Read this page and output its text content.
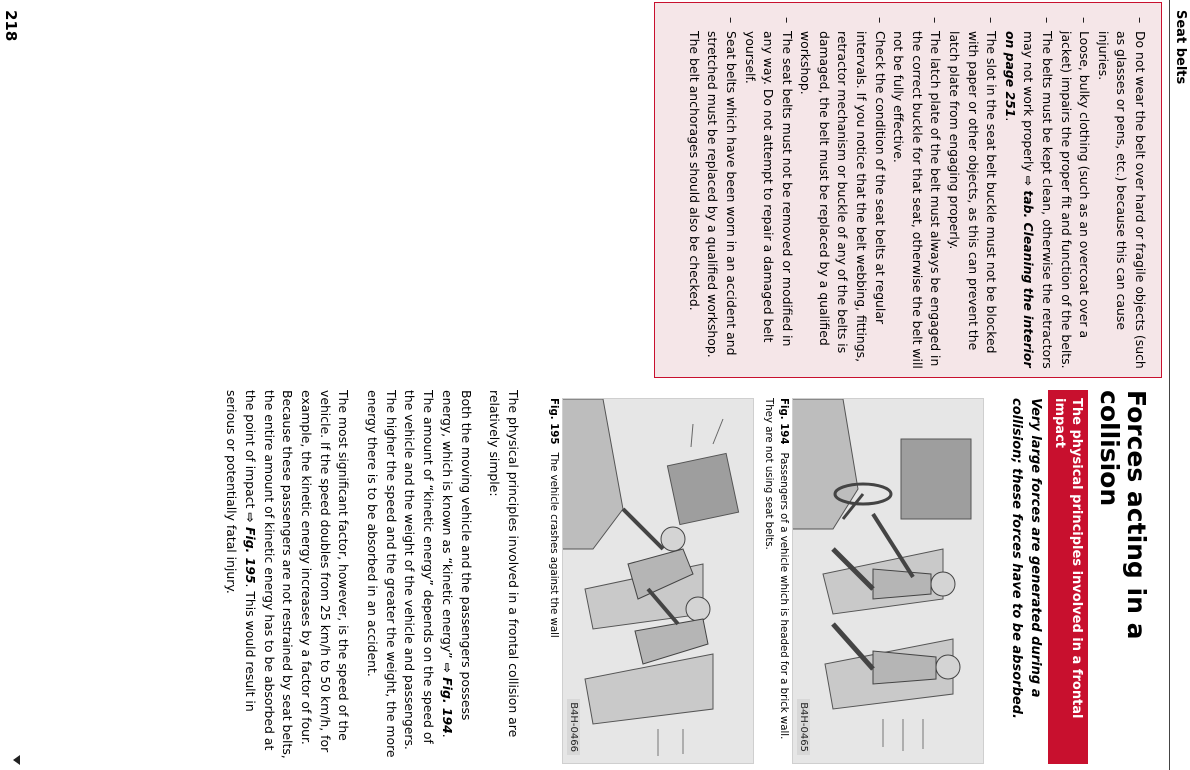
Seat belts
–
Do not wear the belt over hard or fragile objects (such as glasses or pens, etc.) because this can cause injuries.
–
Loose, bulky clothing (such as an overcoat over a jacket) impairs the proper fit and function of the belts.
–
The belts must be kept clean, otherwise the retractors may not work properly ⇨ tab. Cleaning the interior on page 251.
–
The slot in the seat belt buckle must not be blocked with paper or other objects, as this can prevent the latch plate from engaging properly.
–
The latch plate of the belt must always be engaged in the correct buckle for that seat, otherwise the belt will not be fully effective.
–
Check the condition of the seat belts at regular intervals. If you notice that the belt webbing, fittings, retractor mechanism or buckle of any of the belts is damaged, the belt must be replaced by a qualified workshop.
–
The seat belts must not be removed or modified in any way. Do not attempt to repair a damaged belt yourself.
–
Seat belts which have been worn in an accident and stretched must be replaced by a qualified workshop. The belt anchorages should also be checked.
Forces acting in a collision
The physical principles involved in a frontal impact
Very large forces are generated during a collision; these forces have to be absorbed.
B4H-0465
Fig. 194Passengers of a vehicle which is headed for a brick wall. They are not using seat belts.
B4H-0466
Fig. 195The vehicle crashes against the wall

The physical principles involved in a frontal collision are relatively simple:

Both the moving vehicle and the passengers possess energy, which is known as “kinetic energy” ⇨ Fig. 194. The amount of “kinetic energy” depends on the speed of the vehicle and the weight of the vehicle and passengers. The higher the speed and the greater the weight, the more energy there is to be absorbed in an accident.

The most significant factor, however, is the speed of the vehicle. If the speed doubles from 25 km/h to 50 km/h, for example, the kinetic energy increases by a factor of four. Because these passengers are not restrained by seat belts, the entire amount of kinetic energy has to be absorbed at the point of impact ⇨ Fig. 195. This would result in serious or potentially fatal injury.

218
